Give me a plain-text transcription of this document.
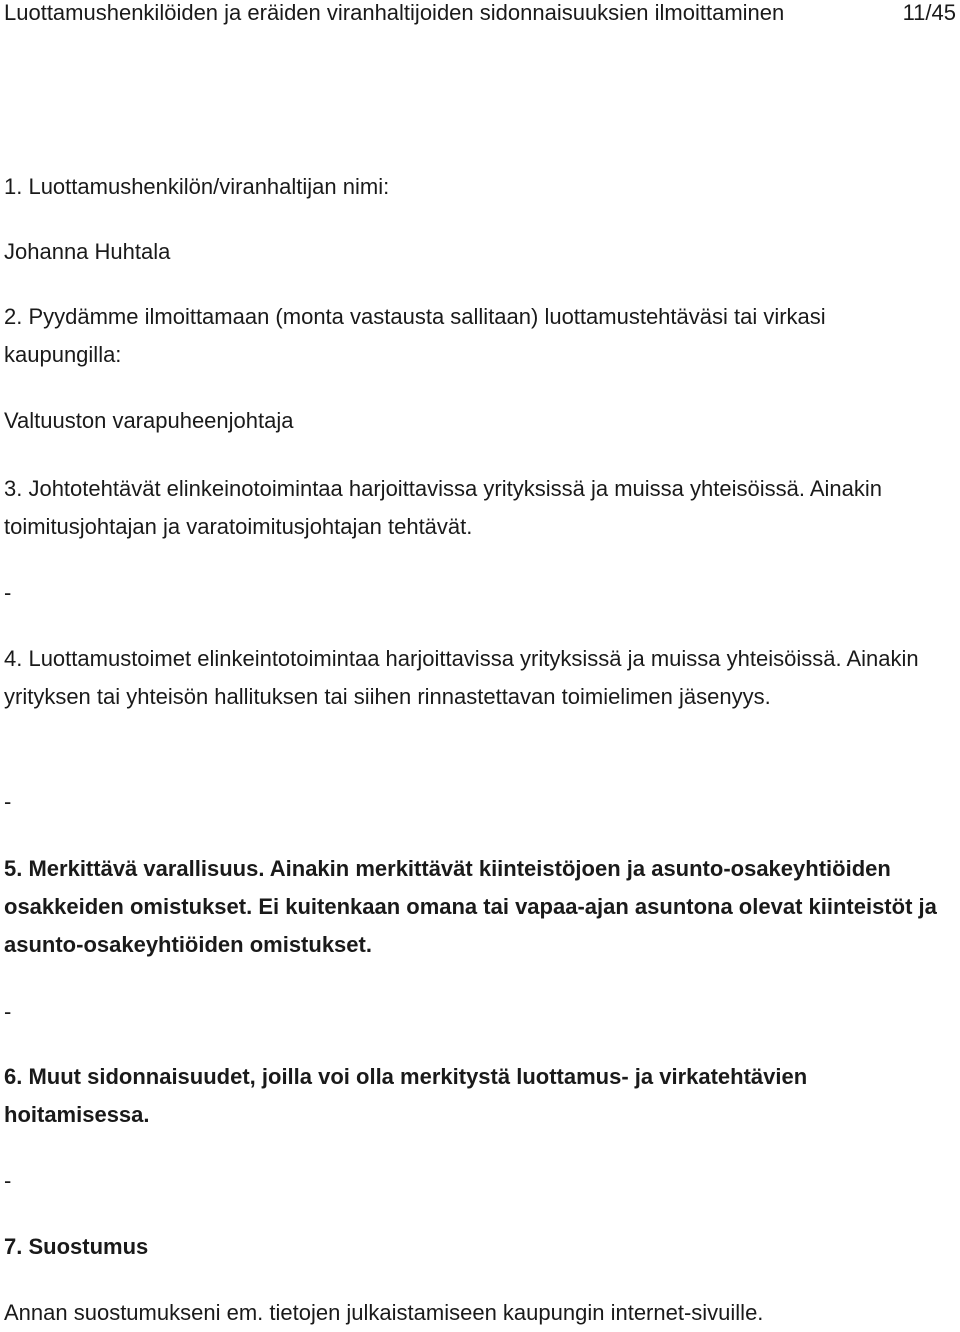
Luottamushenkilöiden ja eräiden viranhaltijoiden sidonnaisuuksien ilmoittaminen	11/45
1. Luottamushenkilön/viranhaltijan nimi:
Johanna Huhtala
2. Pyydämme ilmoittamaan (monta vastausta sallitaan) luottamustehtäväsi tai virkasi kaupungilla:
Valtuuston varapuheenjohtaja
3. Johtotehtävät elinkeinotoimintaa harjoittavissa yrityksissä ja muissa yhteisöissä. Ainakin toimitusjohtajan ja varatoimitusjohtajan tehtävät.
-
4. Luottamustoimet elinkeintotoimintaa harjoittavissa yrityksissä ja muissa yhteisöissä. Ainakin yrityksen tai yhteisön hallituksen tai siihen rinnastettavan toimielimen jäsenyys.
-
5. Merkittävä varallisuus. Ainakin merkittävät kiinteistöjoen ja asunto-osakeyhtiöiden osakkeiden omistukset. Ei kuitenkaan omana tai vapaa-ajan asuntona olevat kiinteistöt ja asunto-osakeyhtiöiden omistukset.
-
6. Muut sidonnaisuudet, joilla voi olla merkitystä luottamus- ja virkatehtävien hoitamisessa.
-
7. Suostumus
Annan suostumukseni em. tietojen julkaistamiseen kaupungin internet-sivuille.
